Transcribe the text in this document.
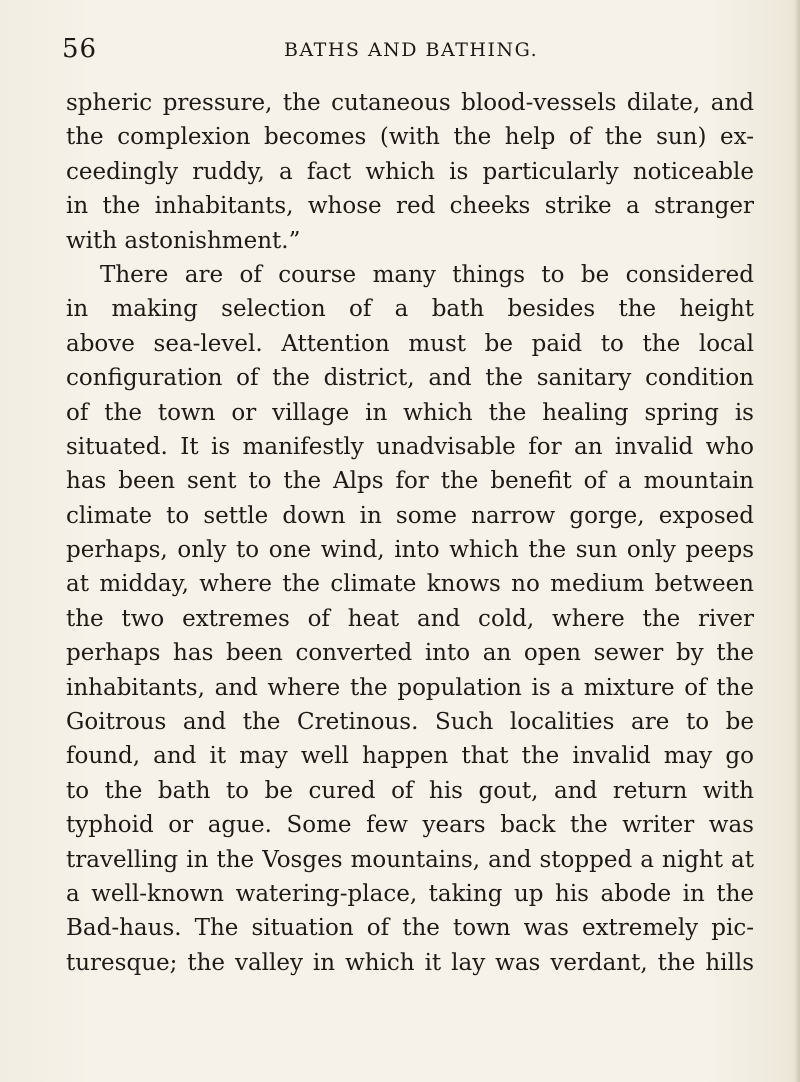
56	BATHS AND BATHING.
spheric pressure, the cutaneous blood-vessels dilate, and
the complexion becomes (with the help of the sun) ex-
ceedingly ruddy, a fact which is particularly noticeable
in the inhabitants, whose red cheeks strike a stranger
with astonishment.”
There are of course many things to be considered
in making selection of a bath besides the height
above sea-level. Attention must be paid to the local
configuration of the district, and the sanitary condition
of the town or village in which the healing spring is
situated. It is manifestly unadvisable for an invalid who
has been sent to the Alps for the benefit of a mountain
climate to settle down in some narrow gorge, exposed
perhaps, only to one wind, into which the sun only peeps
at midday, where the climate knows no medium between
the two extremes of heat and cold, where the river
perhaps has been converted into an open sewer by the
inhabitants, and where the population is a mixture of the
Goitrous and the Cretinous. Such localities are to be
found, and it may well happen that the invalid may go
to the bath to be cured of his gout, and return with
typhoid or ague. Some few years back the writer was
travelling in the Vosges mountains, and stopped a night at
a well-known watering-place, taking up his abode in the
Bad-haus. The situation of the town was extremely pic-
turesque; the valley in which it lay was verdant, the hills
